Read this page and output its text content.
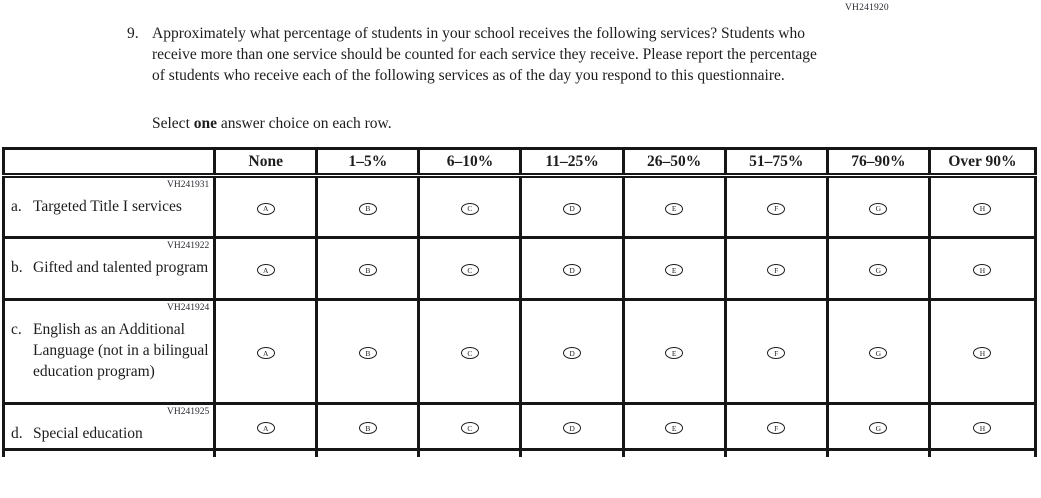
VH241920

9. Approximately what percentage of students in your school receives the following services? Students who receive more than one service should be counted for each service they receive. Please report the percentage of students who receive each of the following services as of the day you respond to this questionnaire.

Select one answer choice on each row.

	None	1–5%	6–10%	11–25%	26–50%	51–75%	76–90%	Over 90%

VH241931
a. Targeted Title I services	A	B	C	D	E	F	G	H

VH241922
b. Gifted and talented program	A	B	C	D	E	F	G	H

VH241924
c. English as an Additional Language (not in a bilingual education program)	A	B	C	D	E	F	G	H

VH241925
d. Special education	A	B	C	D	E	F	G	H
